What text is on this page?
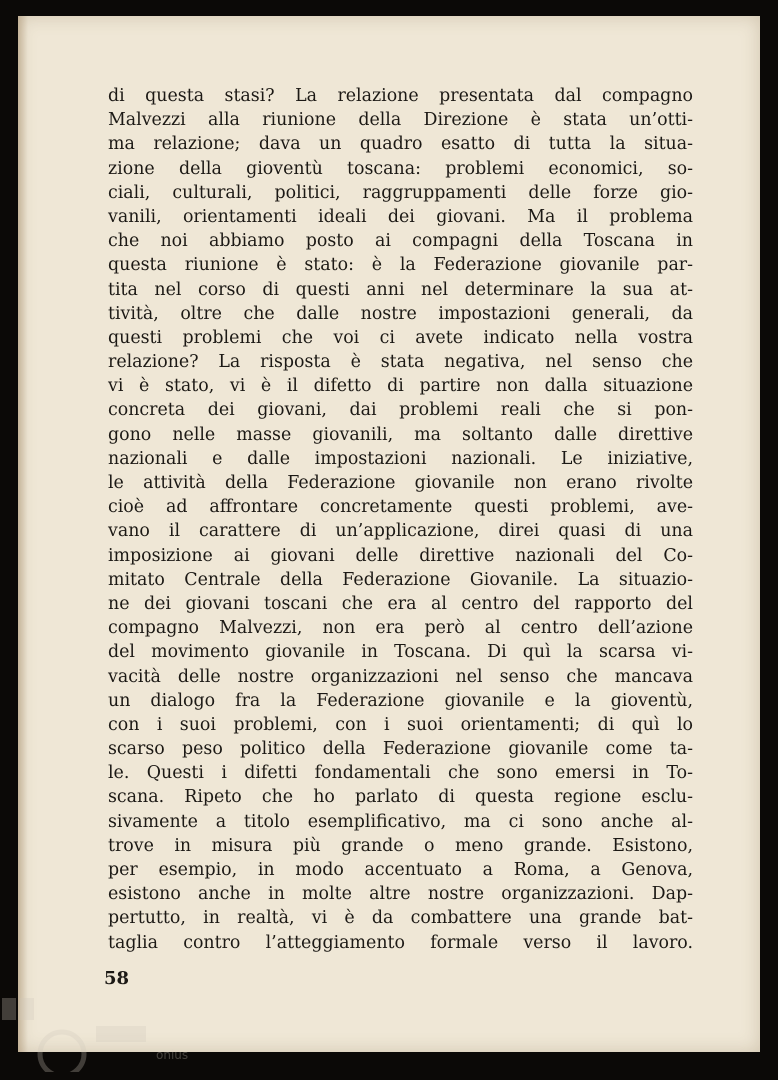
di questa stasi? La relazione presentata dal compagno
Malvezzi alla riunione della Direzione è stata un’otti-
ma relazione; dava un quadro esatto di tutta la situa-
zione della gioventù toscana: problemi economici, so-
ciali, culturali, politici, raggruppamenti delle forze gio-
vanili, orientamenti ideali dei giovani. Ma il problema
che noi abbiamo posto ai compagni della Toscana in
questa riunione è stato: è la Federazione giovanile par-
tita nel corso di questi anni nel determinare la sua at-
tività, oltre che dalle nostre impostazioni generali, da
questi problemi che voi ci avete indicato nella vostra
relazione? La risposta è stata negativa, nel senso che
vi è stato, vi è il difetto di partire non dalla situazione
concreta dei giovani, dai problemi reali che si pon-
gono nelle masse giovanili, ma soltanto dalle direttive
nazionali e dalle impostazioni nazionali. Le iniziative,
le attività della Federazione giovanile non erano rivolte
cioè ad affrontare concretamente questi problemi, ave-
vano il carattere di un’applicazione, direi quasi di una
imposizione ai giovani delle direttive nazionali del Co-
mitato Centrale della Federazione Giovanile. La situazio-
ne dei giovani toscani che era al centro del rapporto del
compagno Malvezzi, non era però al centro dell’azione
del movimento giovanile in Toscana. Di quì la scarsa vi-
vacità delle nostre organizzazioni nel senso che mancava
un dialogo fra la Federazione giovanile e la gioventù,
con i suoi problemi, con i suoi orientamenti; di quì lo
scarso peso politico della Federazione giovanile come ta-
le. Questi i difetti fondamentali che sono emersi in To-
scana. Ripeto che ho parlato di questa regione esclu-
sivamente a titolo esemplificativo, ma ci sono anche al-
trove in misura più grande o meno grande. Esistono,
per esempio, in modo accentuato a Roma, a Genova,
esistono anche in molte altre nostre organizzazioni. Dap-
pertutto, in realtà, vi è da combattere una grande bat-
taglia contro l’atteggiamento formale verso il lavoro.
58
onlus
